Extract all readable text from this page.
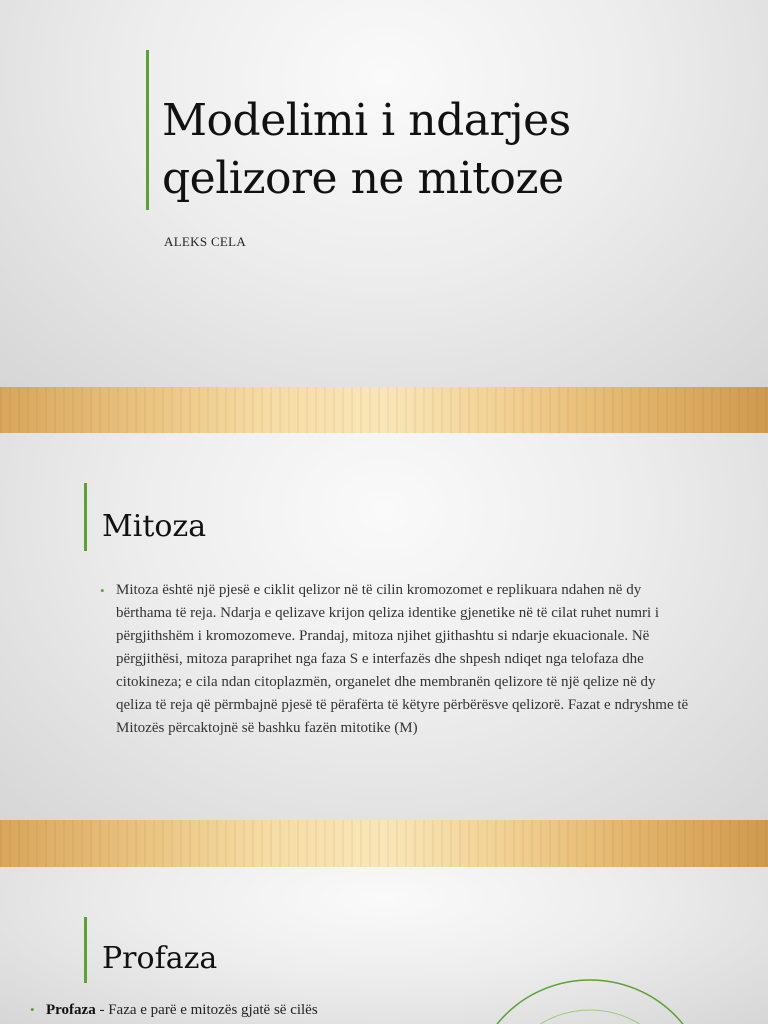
Modelimi i ndarjes
qelizore ne mitoze

ALEKS CELA

Mitoza
• Mitoza është një pjesë e ciklit qelizor në të cilin kromozomet e replikuara ndahen në dy bërthama të reja. Ndarja e qelizave krijon qeliza identike gjenetike në të cilat ruhet numri i përgjithshëm i kromozomeve. Prandaj, mitoza njihet gjithashtu si ndarje ekuacionale. Në përgjithësi, mitoza paraprihet nga faza S e interfazës dhe shpesh ndiqet nga telofaza dhe citokineza; e cila ndan citoplazmën, organelet dhe membranën qelizore të një qelize në dy qeliza të reja që përmbajnë pjesë të përafërta të këtyre përbërësve qelizorë. Fazat e ndryshme të Mitozës përcaktojnë së bashku fazën mitotike (M)
Profaza
• Profaza - Faza e parë e mitozës gjatë së cilës
